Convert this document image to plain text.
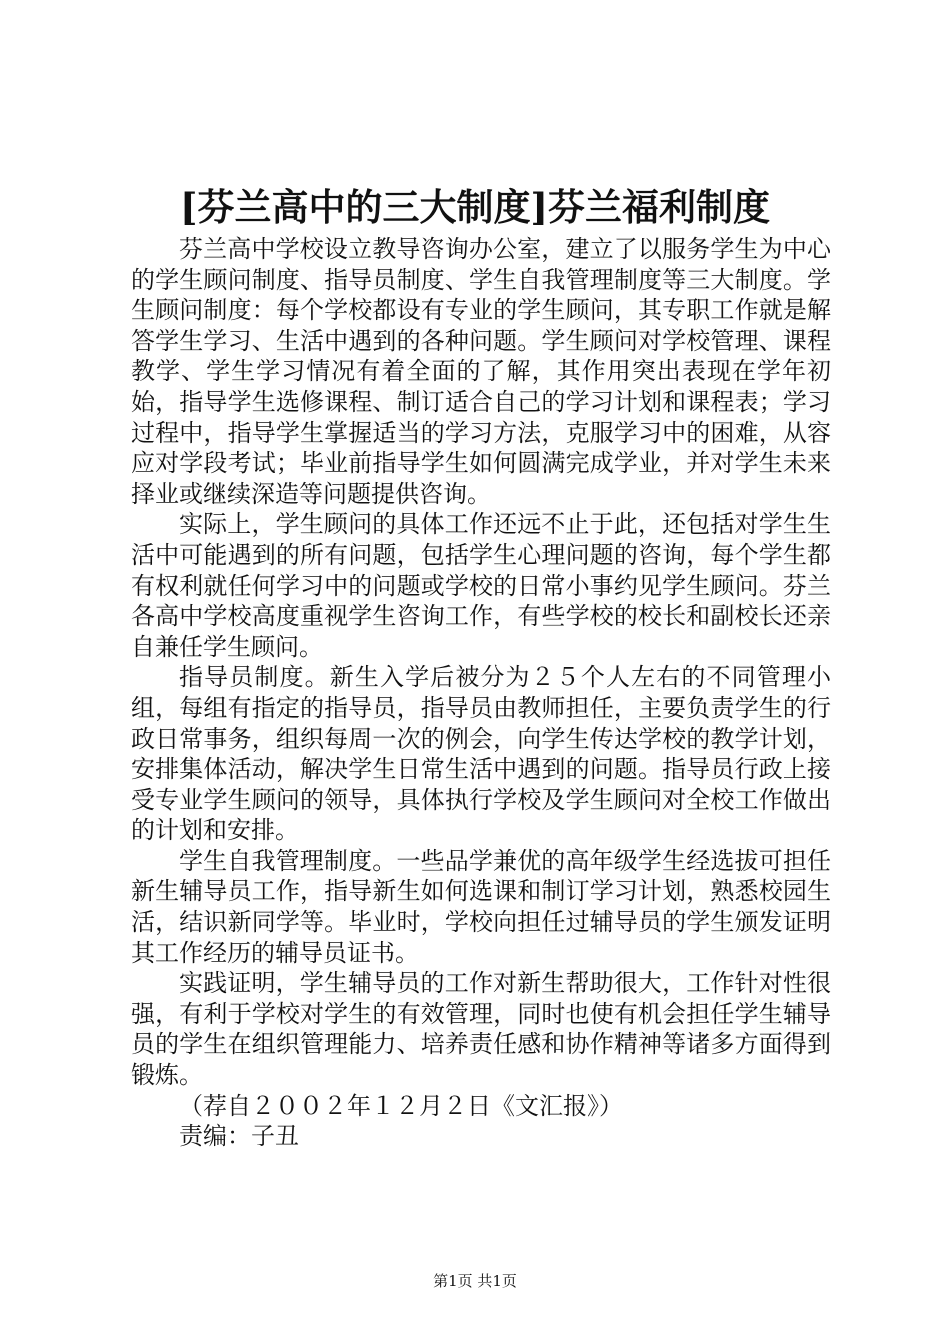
[芬兰高中的三大制度]芬兰福利制度

芬兰高中学校设立教导咨询办公室，建立了以服务学生为中心的学生顾问制度、指导员制度、学生自我管理制度等三大制度。学生顾问制度：每个学校都设有专业的学生顾问，其专职工作就是解答学生学习、生活中遇到的各种问题。学生顾问对学校管理、课程教学、学生学习情况有着全面的了解，其作用突出表现在学年初始，指导学生选修课程、制订适合自己的学习计划和课程表；学习过程中，指导学生掌握适当的学习方法，克服学习中的困难，从容应对学段考试；毕业前指导学生如何圆满完成学业，并对学生未来择业或继续深造等问题提供咨询。

实际上，学生顾问的具体工作还远不止于此，还包括对学生生活中可能遇到的所有问题，包括学生心理问题的咨询，每个学生都有权利就任何学习中的问题或学校的日常小事约见学生顾问。芬兰各高中学校高度重视学生咨询工作，有些学校的校长和副校长还亲自兼任学生顾问。

指导员制度。新生入学后被分为２５个人左右的不同管理小组，每组有指定的指导员，指导员由教师担任，主要负责学生的行政日常事务，组织每周一次的例会，向学生传达学校的教学计划，安排集体活动，解决学生日常生活中遇到的问题。指导员行政上接受专业学生顾问的领导，具体执行学校及学生顾问对全校工作做出的计划和安排。

学生自我管理制度。一些品学兼优的高年级学生经选拔可担任新生辅导员工作，指导新生如何选课和制订学习计划，熟悉校园生活，结识新同学等。毕业时，学校向担任过辅导员的学生颁发证明其工作经历的辅导员证书。

实践证明，学生辅导员的工作对新生帮助很大，工作针对性很强，有利于学校对学生的有效管理，同时也使有机会担任学生辅导员的学生在组织管理能力、培养责任感和协作精神等诸多方面得到锻炼。

（荐自２００２年１２月２日《文汇报》）

责编：子丑

第1页 共1页
